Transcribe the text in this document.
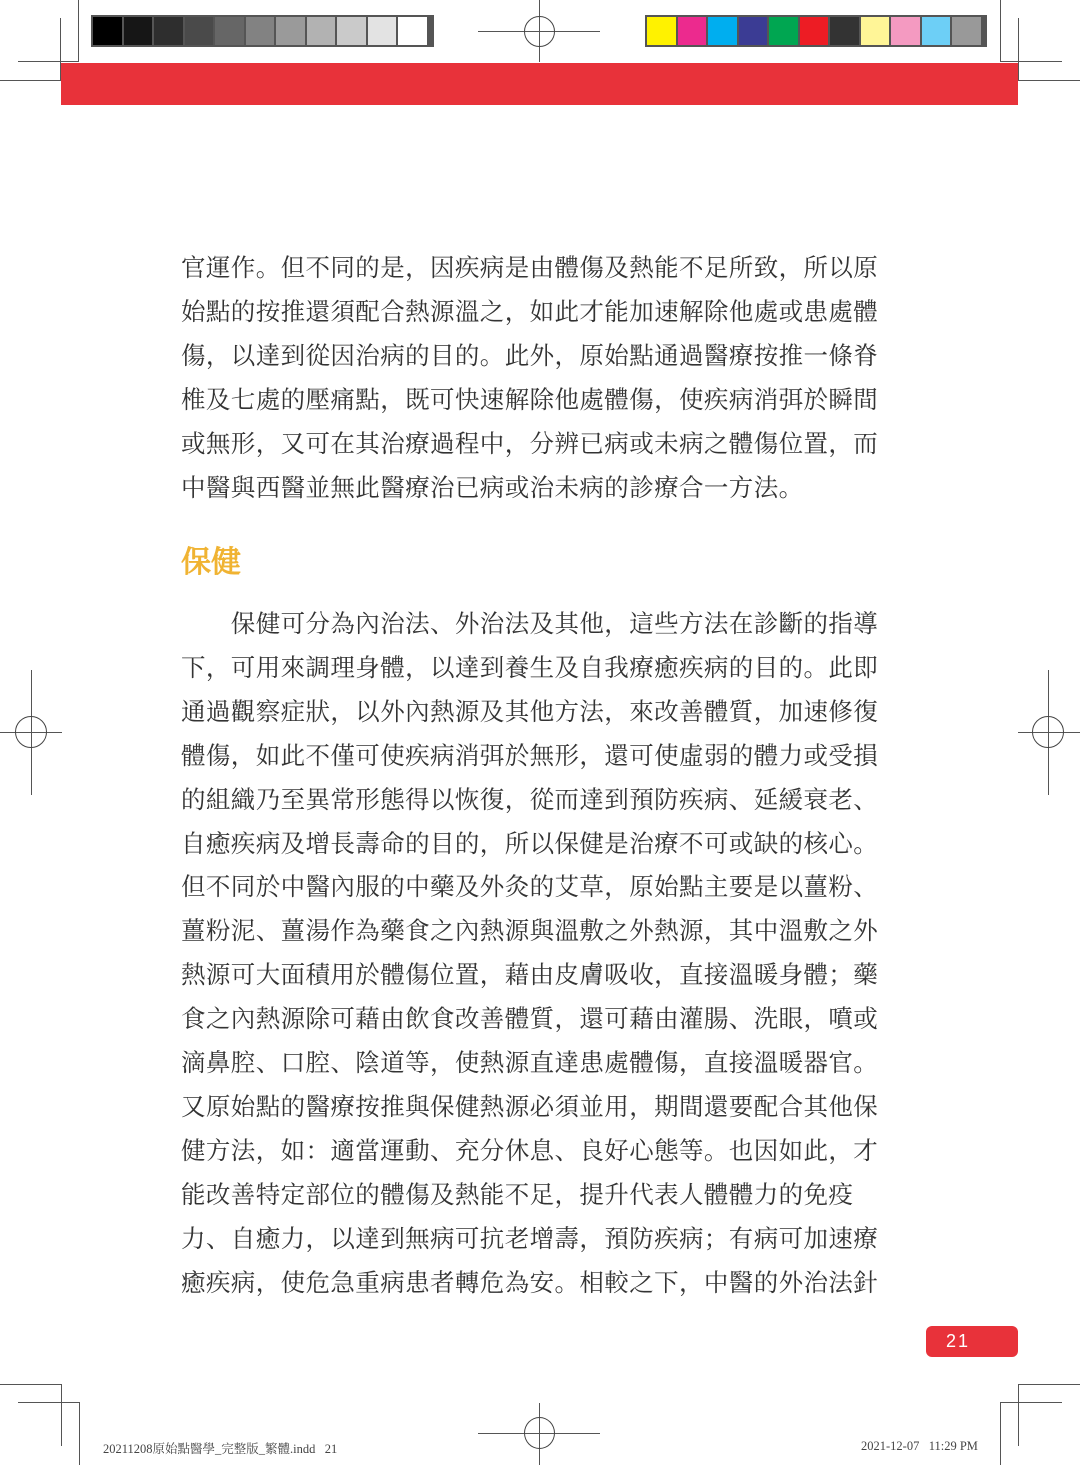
官運作。但不同的是，因疾病是由體傷及熱能不足所致，所以原

始點的按推還須配合熱源溫之，如此才能加速解除他處或患處體

傷，以達到從因治病的目的。此外，原始點通過醫療按推一條脊

椎及七處的壓痛點，既可快速解除他處體傷，使疾病消弭於瞬間

或無形，又可在其治療過程中，分辨已病或未病之體傷位置，而

中醫與西醫並無此醫療治已病或治未病的診療合一方法。

保健

　　保健可分為內治法、外治法及其他，這些方法在診斷的指導

下，可用來調理身體，以達到養生及自我療癒疾病的目的。此即

通過觀察症狀，以外內熱源及其他方法，來改善體質，加速修復

體傷，如此不僅可使疾病消弭於無形，還可使虛弱的體力或受損

的組織乃至異常形態得以恢復，從而達到預防疾病、延緩衰老、

自癒疾病及增長壽命的目的，所以保健是治療不可或缺的核心。

但不同於中醫內服的中藥及外灸的艾草，原始點主要是以薑粉、

薑粉泥、薑湯作為藥食之內熱源與溫敷之外熱源，其中溫敷之外

熱源可大面積用於體傷位置，藉由皮膚吸收，直接溫暖身體；藥

食之內熱源除可藉由飲食改善體質，還可藉由灌腸、洗眼，噴或

滴鼻腔、口腔、陰道等，使熱源直達患處體傷，直接溫暖器官。

又原始點的醫療按推與保健熱源必須並用，期間還要配合其他保

健方法，如：適當運動、充分休息、良好心態等。也因如此，才

能改善特定部位的體傷及熱能不足，提升代表人體體力的免疫

力、自癒力，以達到無病可抗老增壽，預防疾病；有病可加速療

癒疾病，使危急重病患者轉危為安。相較之下，中醫的外治法針

21
20211208原始點醫學_完整版_繁體.indd   21	2021-12-07   11:29 PM
